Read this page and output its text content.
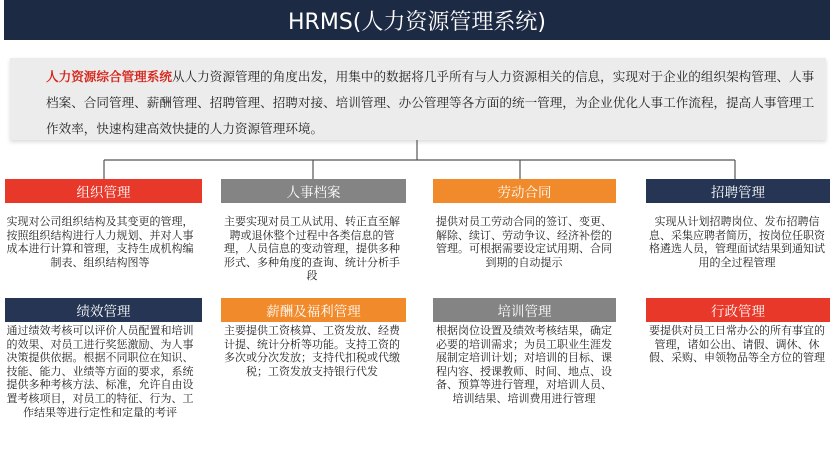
HRMS(人力资源管理系统)
人力资源综合管理系统从人力资源管理的角度出发，用集中的数据将几乎所有与人力资源相关的信息，实现对于企业的组织架构管理、人事档案、合同管理、薪酬管理、招聘管理、招聘对接、培训管理、办公管理等各方面的统一管理，为企业优化人事工作流程，提高人事管理工作效率，快速构建高效快捷的人力资源管理环境。
组织管理
实现对公司组织结构及其变更的管理，按照组织结构进行人力规划、并对人事成本进行计算和管理，支持生成机构编制表、组织结构图等
人事档案
主要实现对员工从试用、转正直至解聘或退休整个过程中各类信息的管理，人员信息的变动管理，提供多种形式、多种角度的查询、统计分析手段
劳动合同
提供对员工劳动合同的签订、变更、解除、续订、劳动争议、经济补偿的管理。可根据需要设定试用期、合同到期的自动提示
招聘管理
实现从计划招聘岗位、发布招聘信息、采集应聘者简历，按岗位任职资格遴选人员，管理面试结果到通知试用的全过程管理
绩效管理
通过绩效考核可以评价人员配置和培训的效果、对员工进行奖惩激励、为人事决策提供依据。根据不同职位在知识、技能、能力、业绩等方面的要求，系统提供多种考核方法、标准，允许自由设置考核项目，对员工的特征、行为、工作结果等进行定性和定量的考评
薪酬及福利管理
主要提供工资核算、工资发放、经费计提、统计分析等功能。支持工资的多次或分次发放；支持代扣税或代缴税；工资发放支持银行代发
培训管理
根据岗位设置及绩效考核结果，确定必要的培训需求；为员工职业生涯发展制定培训计划；对培训的目标、课程内容、授课教师、时间、地点、设备、预算等进行管理，对培训人员、培训结果、培训费用进行管理
行政管理
要提供对员工日常办公的所有事宜的管理，诸如公出、请假、调休、休假、采购、申领物品等全方位的管理
